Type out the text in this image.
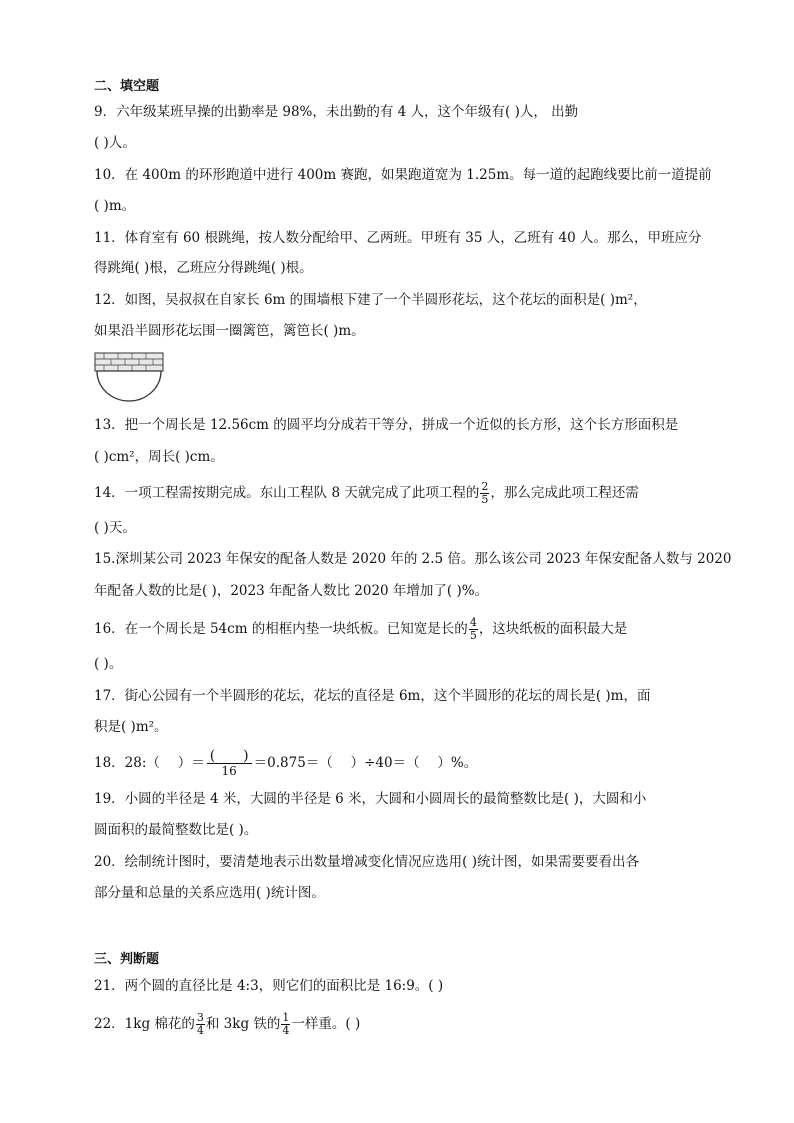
二、填空题
9．六年级某班早操的出勤率是 98%，未出勤的有 4 人，这个年级有( )人， 出勤
( )人。
10．在 400m 的环形跑道中进行 400m 赛跑，如果跑道宽为 1.25m。每一道的起跑线要比前一道提前
( )m。
11．体育室有 60 根跳绳，按人数分配给甲、乙两班。甲班有 35 人，乙班有 40 人。那么，甲班应分
得跳绳( )根，乙班应分得跳绳( )根。
12．如图，吴叔叔在自家长 6m 的围墙根下建了一个半圆形花坛，这个花坛的面积是( )m²，
如果沿半圆形花坛围一圈篱笆，篱笆长( )m。
13．把一个周长是 12.56cm 的圆平均分成若干等分，拼成一个近似的长方形，这个长方形面积是
( )cm²，周长( )cm。
14．一项工程需按期完成。东山工程队 8 天就完成了此项工程的 $\frac{2}{5}$ ，那么完成此项工程还需
( )天。
15.深圳某公司 2023 年保安的配备人数是 2020 年的 2.5 倍。那么该公司 2023 年保安配备人数与 2020
年配备人数的比是( )，2023 年配备人数比 2020 年增加了( )%。
16．在一个周长是 54cm 的相框内垫一块纸板。已知宽是长的 $\frac{4}{5}$ ，这块纸板的面积最大是
( )。
17．街心公园有一个半圆形的花坛，花坛的直径是 6m，这个半圆形的花坛的周长是( )m，面
积是( )m²。
18．28:（　 ）＝ $\frac{( )}{16} =0.875=$（　 ）÷40＝（　 ）%。
19．小圆的半径是 4 米，大圆的半径是 6 米，大圆和小圆周长的最简整数比是( )，大圆和小
圆面积的最简整数比是( )。
20．绘制统计图时，要清楚地表示出数量增减变化情况应选用( )统计图，如果需要要看出各
部分量和总量的关系应选用( )统计图。
三、判断题
21．两个圆的直径比是 4:3，则它们的面积比是 16:9。( )
22．1kg 棉花的 $\frac{3}{4}$ 和 3kg 铁的 $\frac{1}{4}$ 一样重。( )
